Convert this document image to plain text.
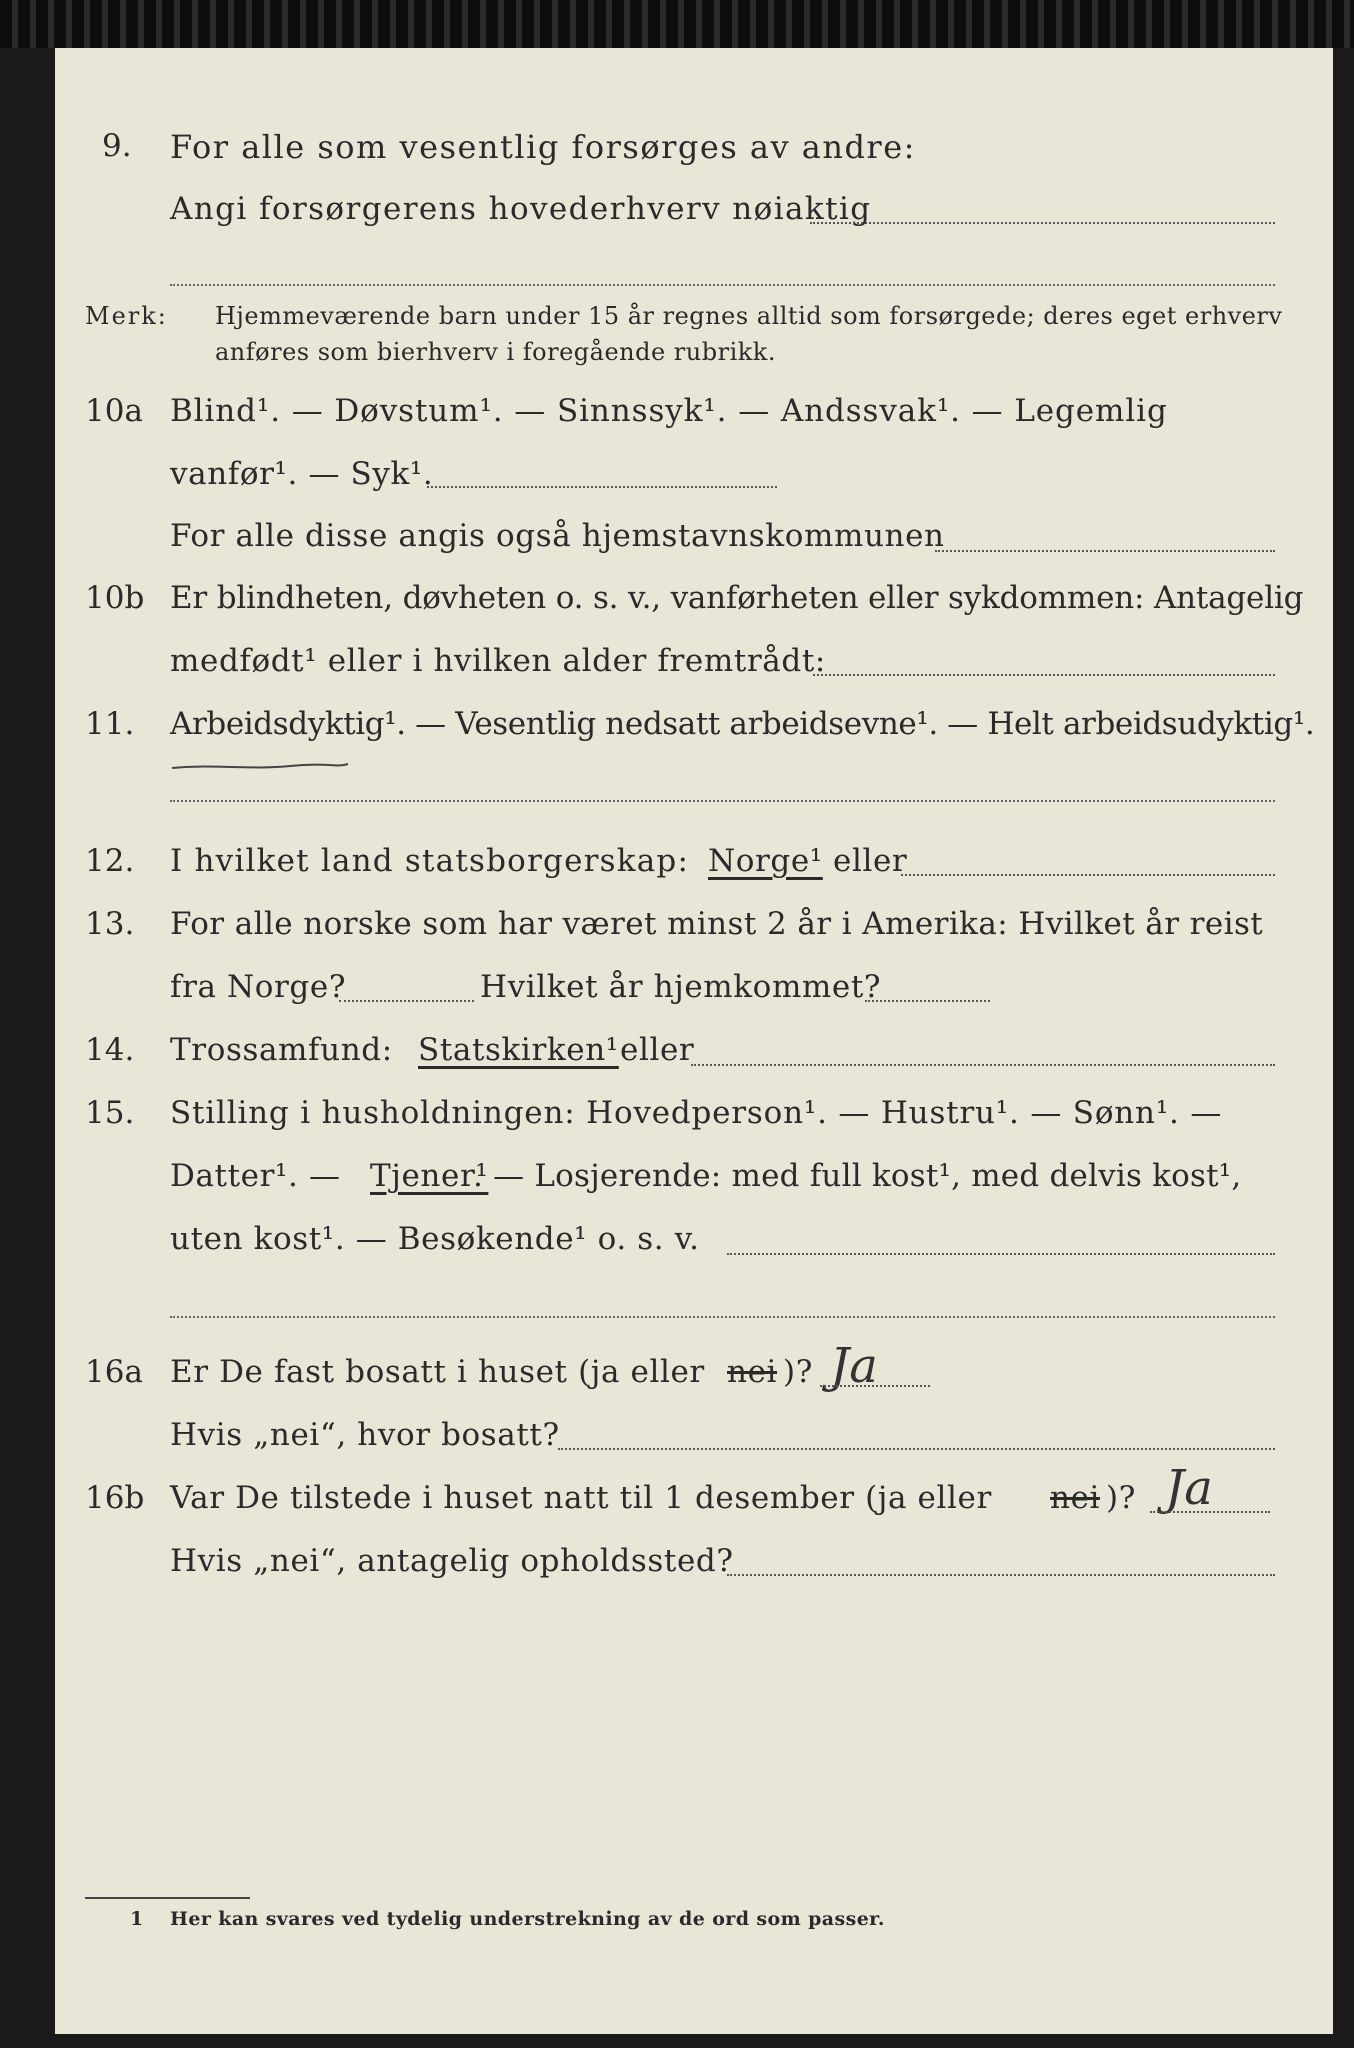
9. For alle som vesentlig forsørges av andre:
Angi forsørgerens hovederhverv nøiaktig
Merk: Hjemmeværende barn under 15 år regnes alltid som forsørgede; deres eget erhverv
anføres som bierhverv i foregående rubrikk.
10a Blind¹. — Døvstum¹. — Sinnssyk¹. — Andssvak¹. — Legemlig
vanfør¹. — Syk¹.
For alle disse angis også hjemstavnskommunen
10b Er blindheten, døvheten o. s. v., vanførheten eller sykdommen: Antagelig
medfødt¹ eller i hvilken alder fremtrådt:
11. Arbeidsdyktig¹. — Vesentlig nedsatt arbeidsevne¹. — Helt arbeidsudyktig¹.
12. I hvilket land statsborgerskap: Norge¹ eller
13. For alle norske som har været minst 2 år i Amerika: Hvilket år reist
fra Norge?	Hvilket år hjemkommet?
14. Trossamfund: Statskirken¹ eller
15. Stilling i husholdningen: Hovedperson¹. — Hustru¹. — Sønn¹. —
Datter¹. — Tjener¹
. — Losjerende: med full kost¹, med delvis kost¹,
uten kost¹. — Besøkende¹ o. s. v.
16a Er De fast bosatt i huset (ja eller nei )? Ja
Hvis „nei“, hvor bosatt?
16b Var De tilstede i huset natt til 1 desember (ja eller nei )? Ja
Hvis „nei“, antagelig opholdssted?
1 Her kan svares ved tydelig understrekning av de ord som passer.
